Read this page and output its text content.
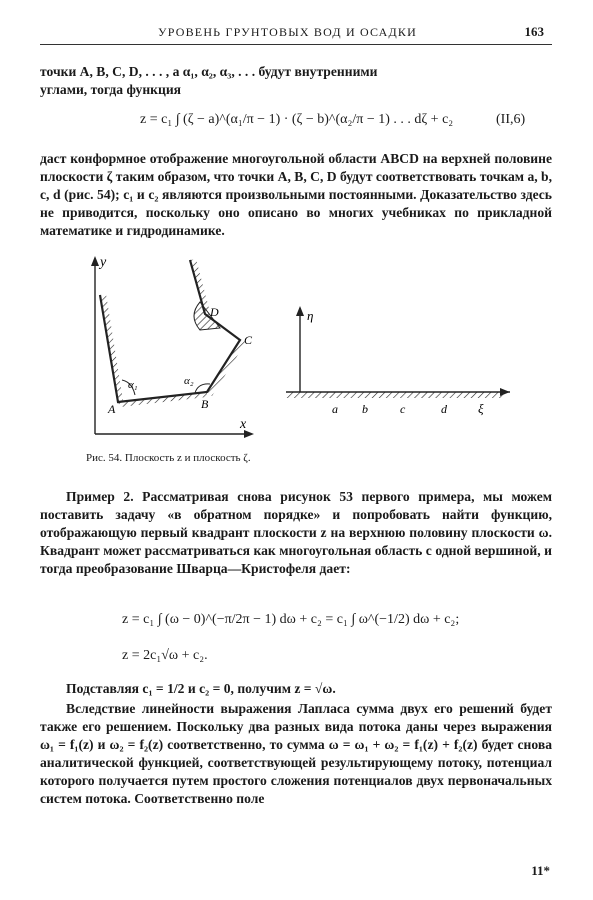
УРОВЕНЬ ГРУНТОВЫХ ВОД И ОСАДКИ	163
точки A, B, C, D, . . . , а α₁, α₂, α₃, . . . будут внутренними
углами, тогда функция
z = c₁ ∫ (ζ − a)^(α₁/π − 1) · (ζ − b)^(α₂/π − 1) . . . dζ + c₂	(II,6)
даст конформное отображение многоугольной области ABCD на верхней половине плоскости ζ таким образом, что точки A, B, C, D будут соответствовать точкам a, b, c, d (рис. 54); c₁ и c₂ являются произвольными постоянными. Доказательство здесь не приводится, поскольку оно описано во многих учебниках по прикладной математике и гидродинамике.
y
x
A	B
C
D
α₁	α₂
η
a b	c	d ξ
Рис. 54. Плоскость z и плоскость ζ.
Пример 2. Рассматривая снова рисунок 53 первого примера, мы можем поставить задачу «в обратном порядке» и попробовать найти функцию, отображающую первый квадрант плоскости z на верхнюю половину плоскости ω. Квадрант может рассматриваться как многоугольная область с одной вершиной, и тогда преобразование Шварца—Кристофеля дает:
z = c₁ ∫ (ω − 0)^(−π/2π − 1) dω + c₂ = c₁ ∫ ω^(−1/2) dω + c₂;
z = 2c₁√ω + c₂.
Подставляя c₁ = 1/2 и c₂ = 0, получим z = √ω.
Вследствие линейности выражения Лапласа сумма двух его решений будет также его решением. Поскольку два разных вида потока даны через выражения ω₁ = f₁(z) и ω₂ = f₂(z) соответственно, то сумма ω = ω₁ + ω₂ = f₁(z) + f₂(z) будет снова аналитической функцией, соответствующей результирующему потоку, потенциал которого получается путем простого сложения потенциалов двух первоначальных систем потока. Соответственно поле
11*
